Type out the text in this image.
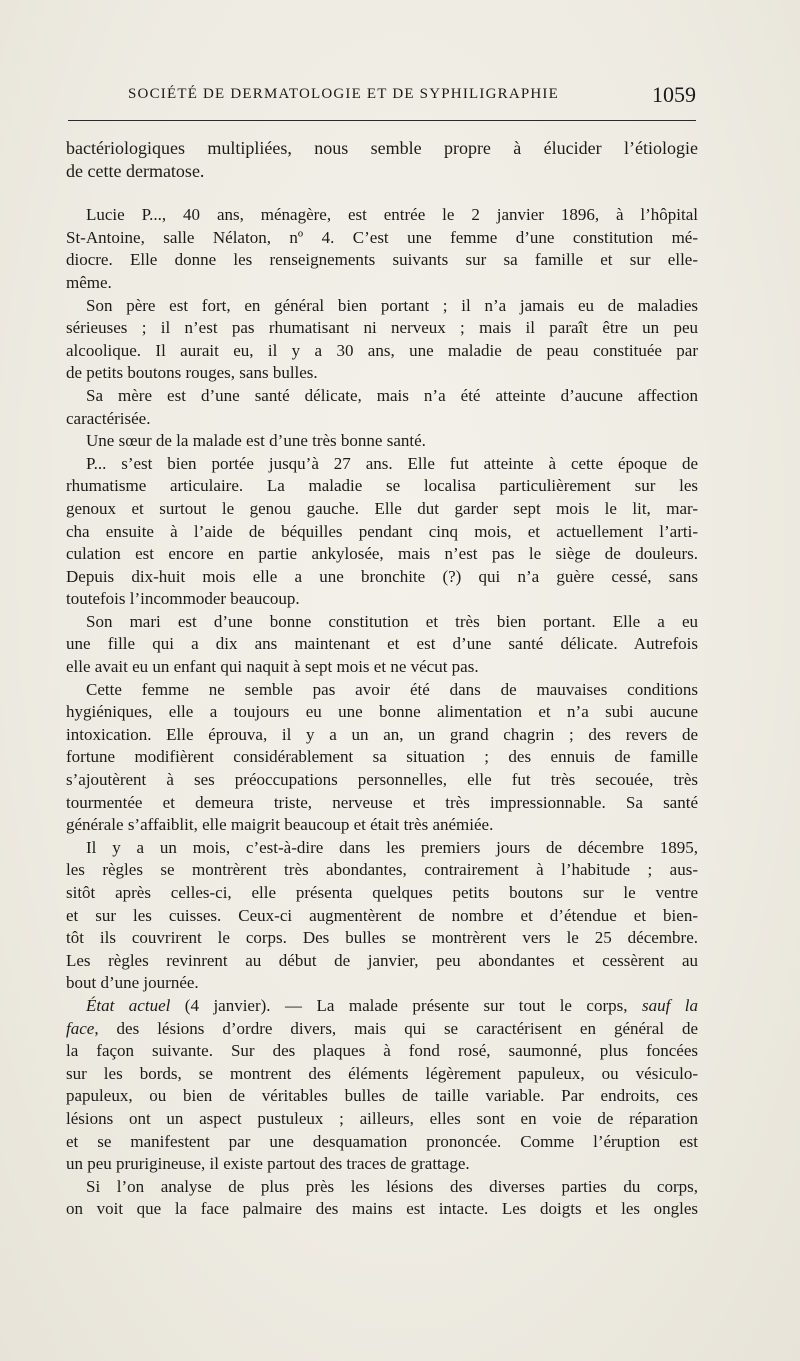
SOCIÉTÉ DE DERMATOLOGIE ET DE SYPHILIGRAPHIE	1059
bactériologiques multipliées, nous semble propre à élucider l’étiologie
de cette dermatose.
Lucie P..., 40 ans, ménagère, est entrée le 2 janvier 1896, à l’hôpital
St-Antoine, salle Nélaton, nº 4. C’est une femme d’une constitution mé-
diocre. Elle donne les renseignements suivants sur sa famille et sur elle-
même.
Son père est fort, en général bien portant ; il n’a jamais eu de maladies
sérieuses ; il n’est pas rhumatisant ni nerveux ; mais il paraît être un peu
alcoolique. Il aurait eu, il y a 30 ans, une maladie de peau constituée par
de petits boutons rouges, sans bulles.
Sa mère est d’une santé délicate, mais n’a été atteinte d’aucune affection
caractérisée.
Une sœur de la malade est d’une très bonne santé.
P... s’est bien portée jusqu’à 27 ans. Elle fut atteinte à cette époque de
rhumatisme articulaire. La maladie se localisa particulièrement sur les
genoux et surtout le genou gauche. Elle dut garder sept mois le lit, mar-
cha ensuite à l’aide de béquilles pendant cinq mois, et actuellement l’arti-
culation est encore en partie ankylosée, mais n’est pas le siège de douleurs.
Depuis dix-huit mois elle a une bronchite (?) qui n’a guère cessé, sans
toutefois l’incommoder beaucoup.
Son mari est d’une bonne constitution et très bien portant. Elle a eu
une fille qui a dix ans maintenant et est d’une santé délicate. Autrefois
elle avait eu un enfant qui naquit à sept mois et ne vécut pas.
Cette femme ne semble pas avoir été dans de mauvaises conditions
hygiéniques, elle a toujours eu une bonne alimentation et n’a subi aucune
intoxication. Elle éprouva, il y a un an, un grand chagrin ; des revers de
fortune modifièrent considérablement sa situation ; des ennuis de famille
s’ajoutèrent à ses préoccupations personnelles, elle fut très secouée, très
tourmentée et demeura triste, nerveuse et très impressionnable. Sa santé
générale s’affaiblit, elle maigrit beaucoup et était très anémiée.
Il y a un mois, c’est-à-dire dans les premiers jours de décembre 1895,
les règles se montrèrent très abondantes, contrairement à l’habitude ; aus-
sitôt après celles-ci, elle présenta quelques petits boutons sur le ventre
et sur les cuisses. Ceux-ci augmentèrent de nombre et d’étendue et bien-
tôt ils couvrirent le corps. Des bulles se montrèrent vers le 25 décembre.
Les règles revinrent au début de janvier, peu abondantes et cessèrent au
bout d’une journée.
État actuel (4 janvier). — La malade présente sur tout le corps, sauf la
face, des lésions d’ordre divers, mais qui se caractérisent en général de
la façon suivante. Sur des plaques à fond rosé, saumonné, plus foncées
sur les bords, se montrent des éléments légèrement papuleux, ou vésiculo-
papuleux, ou bien de véritables bulles de taille variable. Par endroits, ces
lésions ont un aspect pustuleux ; ailleurs, elles sont en voie de réparation
et se manifestent par une desquamation prononcée. Comme l’éruption est
un peu prurigineuse, il existe partout des traces de grattage.
Si l’on analyse de plus près les lésions des diverses parties du corps,
on voit que la face palmaire des mains est intacte. Les doigts et les ongles
